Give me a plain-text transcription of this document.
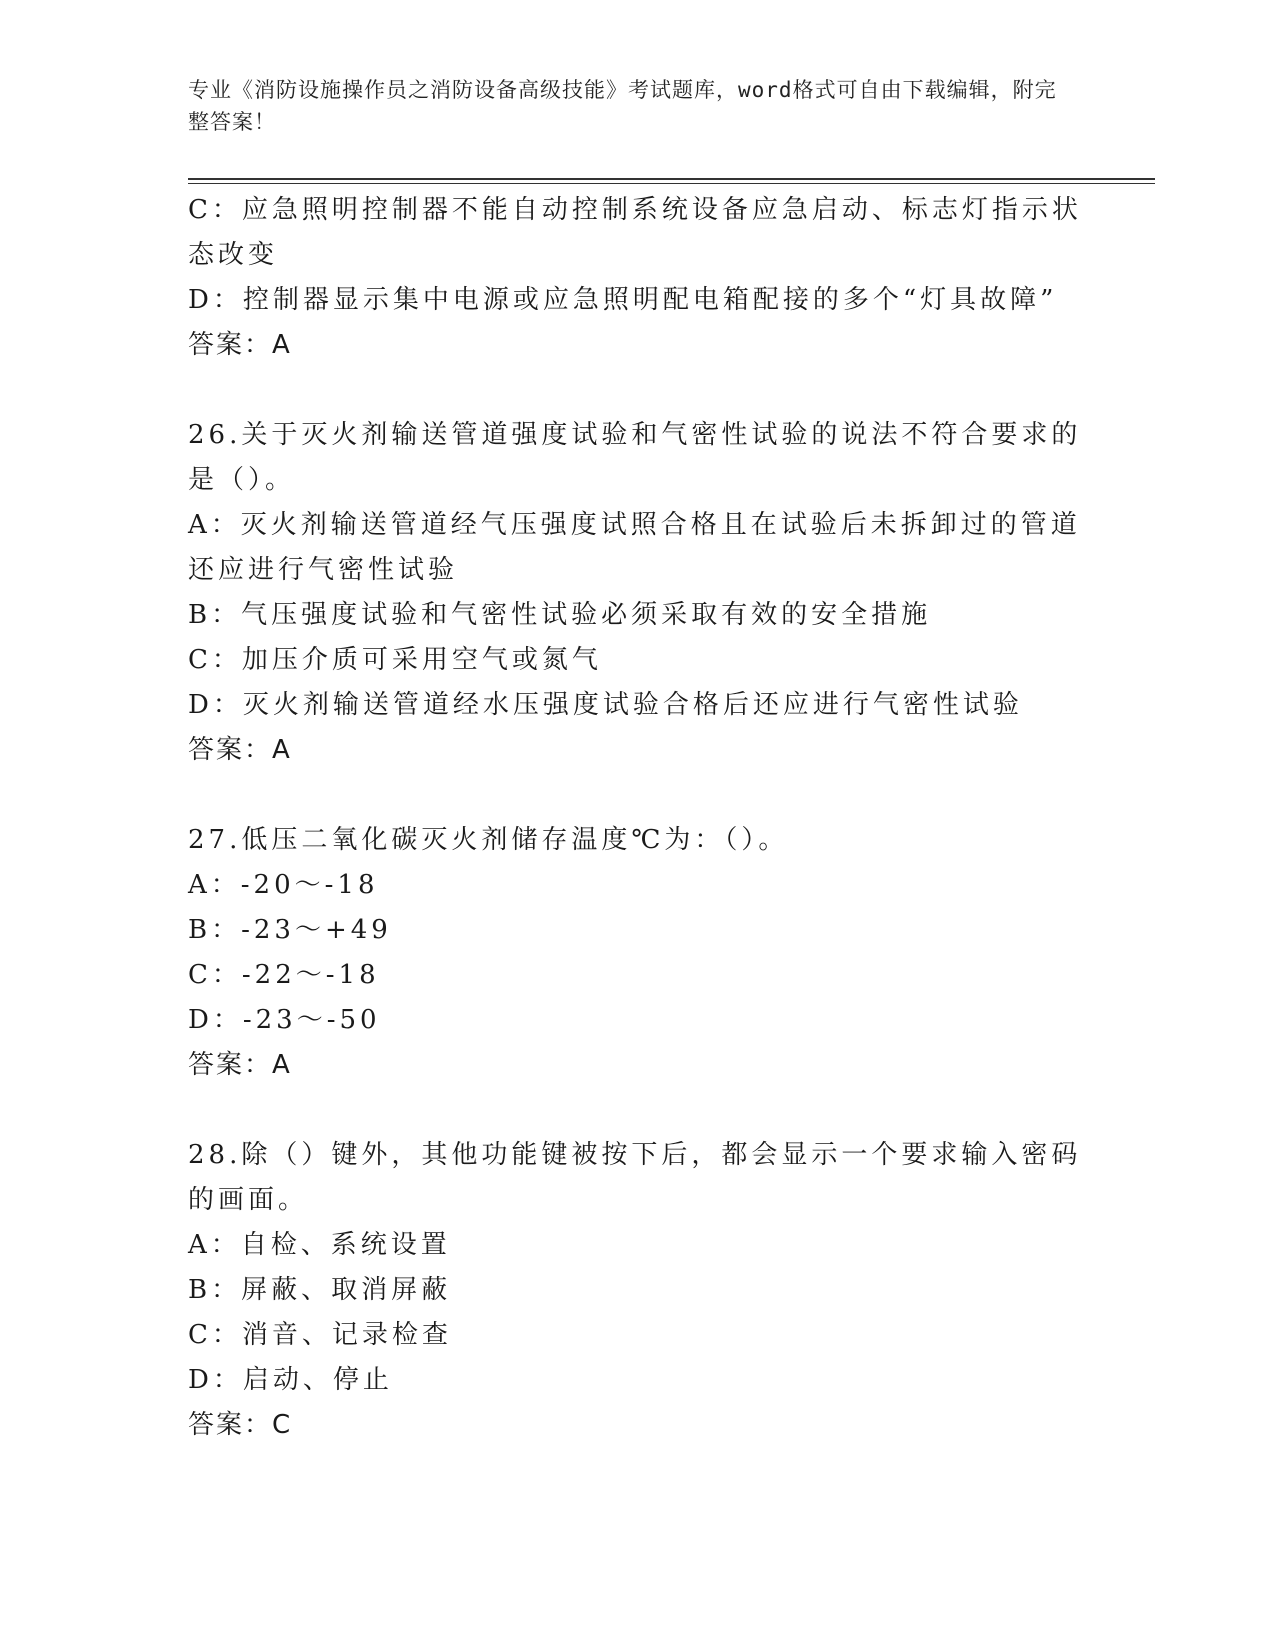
专业《消防设施操作员之消防设备高级技能》考试题库，word格式可自由下载编辑，附完整答案！

C：应急照明控制器不能自动控制系统设备应急启动、标志灯指示状态改变

D：控制器显示集中电源或应急照明配电箱配接的多个“灯具故障”

答案：A

26.关于灭火剂输送管道强度试验和气密性试验的说法不符合要求的是（）。

A：灭火剂输送管道经气压强度试照合格且在试验后未拆卸过的管道还应进行气密性试验

B：气压强度试验和气密性试验必须采取有效的安全措施

C：加压介质可采用空气或氮气

D：灭火剂输送管道经水压强度试验合格后还应进行气密性试验

答案：A

27.低压二氧化碳灭火剂储存温度℃为：（）。

A：-20～-18

B：-23～+49

C：-22～-18

D：-23～-50

答案：A

28.除（）键外，其他功能键被按下后，都会显示一个要求输入密码的画面。

A：自检、系统设置

B：屏蔽、取消屏蔽

C：消音、记录检查

D：启动、停止

答案：C
